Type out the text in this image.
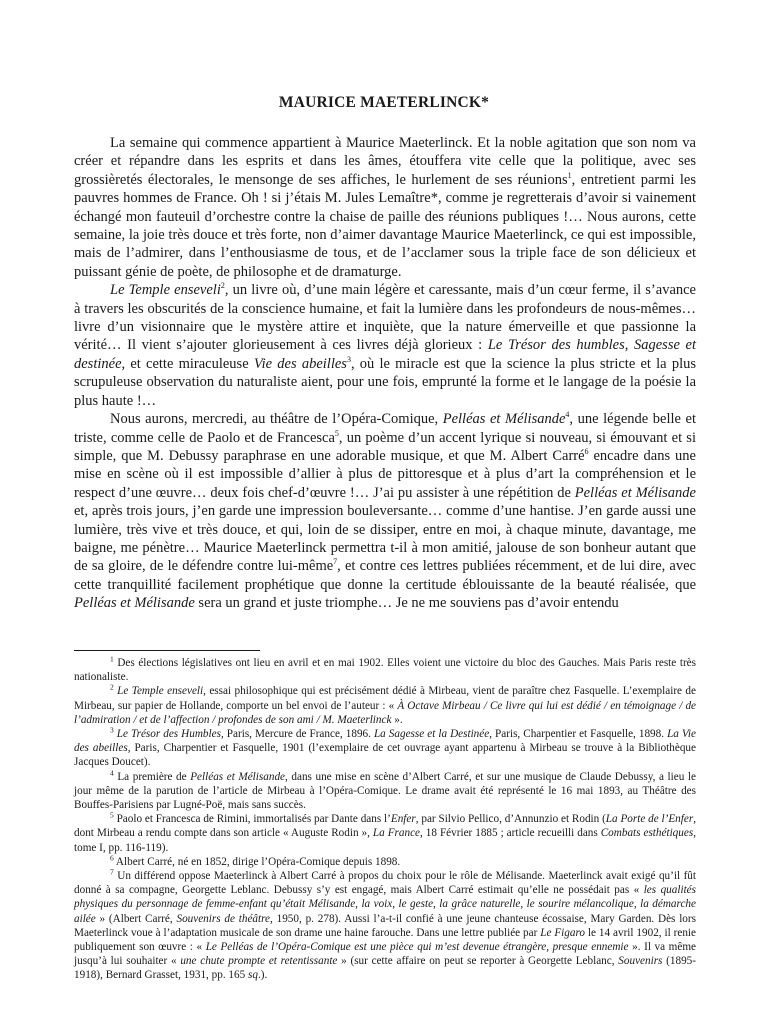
MAURICE MAETERLINCK*

La semaine qui commence appartient à Maurice Maeterlinck. Et la noble agitation que son nom va créer et répandre dans les esprits et dans les âmes, étouffera vite celle que la politique, avec ses grossièretés électorales, le mensonge de ses affiches, le hurlement de ses réunions$^1$, entretient parmi les pauvres hommes de France. Oh ! si j’étais M. Jules Lemaître*, comme je regretterais d’avoir si vainement échangé mon fauteuil d’orchestre contre la chaise de paille des réunions publiques !… Nous aurons, cette semaine, la joie très douce et très forte, non d’aimer davantage Maurice Maeterlinck, ce qui est impossible, mais de l’admirer, dans l’enthousiasme de tous, et de l’acclamer sous la triple face de son délicieux et puissant génie de poète, de philosophe et de dramaturge.

Le Temple enseveli$^2$, un livre où, d’une main légère et caressante, mais d’un cœur ferme, il s’avance à travers les obscurités de la conscience humaine, et fait la lumière dans les profondeurs de nous-mêmes… livre d’un visionnaire que le mystère attire et inquiète, que la nature émerveille et que passionne la vérité… Il vient s’ajouter glorieusement à ces livres déjà glorieux : Le Trésor des humbles, Sagesse et destinée, et cette miraculeuse Vie des abeilles$^3$, où le miracle est que la science la plus stricte et la plus scrupuleuse observation du naturaliste aient, pour une fois, emprunté la forme et le langage de la poésie la plus haute !…

Nous aurons, mercredi, au théâtre de l’Opéra-Comique, Pelléas et Mélisande$^4$, une légende belle et triste, comme celle de Paolo et de Francesca$^5$, un poème d’un accent lyrique si nouveau, si émouvant et si simple, que M. Debussy paraphrase en une adorable musique, et que M. Albert Carré$^6$ encadre dans une mise en scène où il est impossible d’allier à plus de pittoresque et à plus d’art la compréhension et le respect d’une œuvre… deux fois chef-d’œuvre !… J’ai pu assister à une répétition de Pelléas et Mélisande et, après trois jours, j’en garde une impression bouleversante… comme d’une hantise. J’en garde aussi une lumière, très vive et très douce, et qui, loin de se dissiper, entre en moi, à chaque minute, davantage, me baigne, me pénètre… Maurice Maeterlinck permettra t-il à mon amitié, jalouse de son bonheur autant que de sa gloire, de le défendre contre lui-même$^7$, et contre ces lettres publiées récemment, et de lui dire, avec cette tranquillité facilement prophétique que donne la certitude éblouissante de la beauté réalisée, que Pelléas et Mélisande sera un grand et juste triomphe… Je ne me souviens pas d’avoir entendu

$^1$ Des élections législatives ont lieu en avril et en mai 1902. Elles voient une victoire du bloc des Gauches. Mais Paris reste très nationaliste.

$^2$ Le Temple enseveli, essai philosophique qui est précisément dédié à Mirbeau, vient de paraître chez Fasquelle. L’exemplaire de Mirbeau, sur papier de Hollande, comporte un bel envoi de l’auteur : « À Octave Mirbeau / Ce livre qui lui est dédié / en témoignage / de l’admiration / et de l’affection / profondes de son ami / M. Maeterlinck ».

$^3$ Le Trésor des Humbles, Paris, Mercure de France, 1896. La Sagesse et la Destinée, Paris, Charpentier et Fasquelle, 1898. La Vie des abeilles, Paris, Charpentier et Fasquelle, 1901 (l’exemplaire de cet ouvrage ayant appartenu à Mirbeau se trouve à la Bibliothèque Jacques Doucet).

$^4$ La première de Pelléas et Mélisande, dans une mise en scène d’Albert Carré, et sur une musique de Claude Debussy, a lieu le jour même de la parution de l’article de Mirbeau à l’Opéra-Comique. Le drame avait été représenté le 16 mai 1893, au Théâtre des Bouffes-Parisiens par Lugné-Poë, mais sans succès.

$^5$ Paolo et Francesca de Rimini, immortalisés par Dante dans l’Enfer, par Silvio Pellico, d’Annunzio et Rodin (La Porte de l’Enfer, dont Mirbeau a rendu compte dans son article « Auguste Rodin », La France, 18 Février 1885 ; article recueilli dans Combats esthétiques, tome I, pp. 116-119).

$^6$ Albert Carré, né en 1852, dirige l’Opéra-Comique depuis 1898.

$^7$ Un différend oppose Maeterlinck à Albert Carré à propos du choix pour le rôle de Mélisande. Maeterlinck avait exigé qu’il fût donné à sa compagne, Georgette Leblanc. Debussy s’y est engagé, mais Albert Carré estimait qu’elle ne possédait pas « les qualités physiques du personnage de femme-enfant qu’était Mélisande, la voix, le geste, la grâce naturelle, le sourire mélancolique, la démarche ailée » (Albert Carré, Souvenirs de théâtre, 1950, p. 278). Aussi l’a-t-il confié à une jeune chanteuse écossaise, Mary Garden. Dès lors Maeterlinck voue à l’adaptation musicale de son drame une haine farouche. Dans une lettre publiée par Le Figaro le 14 avril 1902, il renie publiquement son œuvre : « Le Pelléas de l’Opéra-Comique est une pièce qui m’est devenue étrangère, presque ennemie ». Il va même jusqu’à lui souhaiter « une chute prompte et retentissante » (sur cette affaire on peut se reporter à Georgette Leblanc, Souvenirs (1895-1918), Bernard Grasset, 1931, pp. 165 sq.).
